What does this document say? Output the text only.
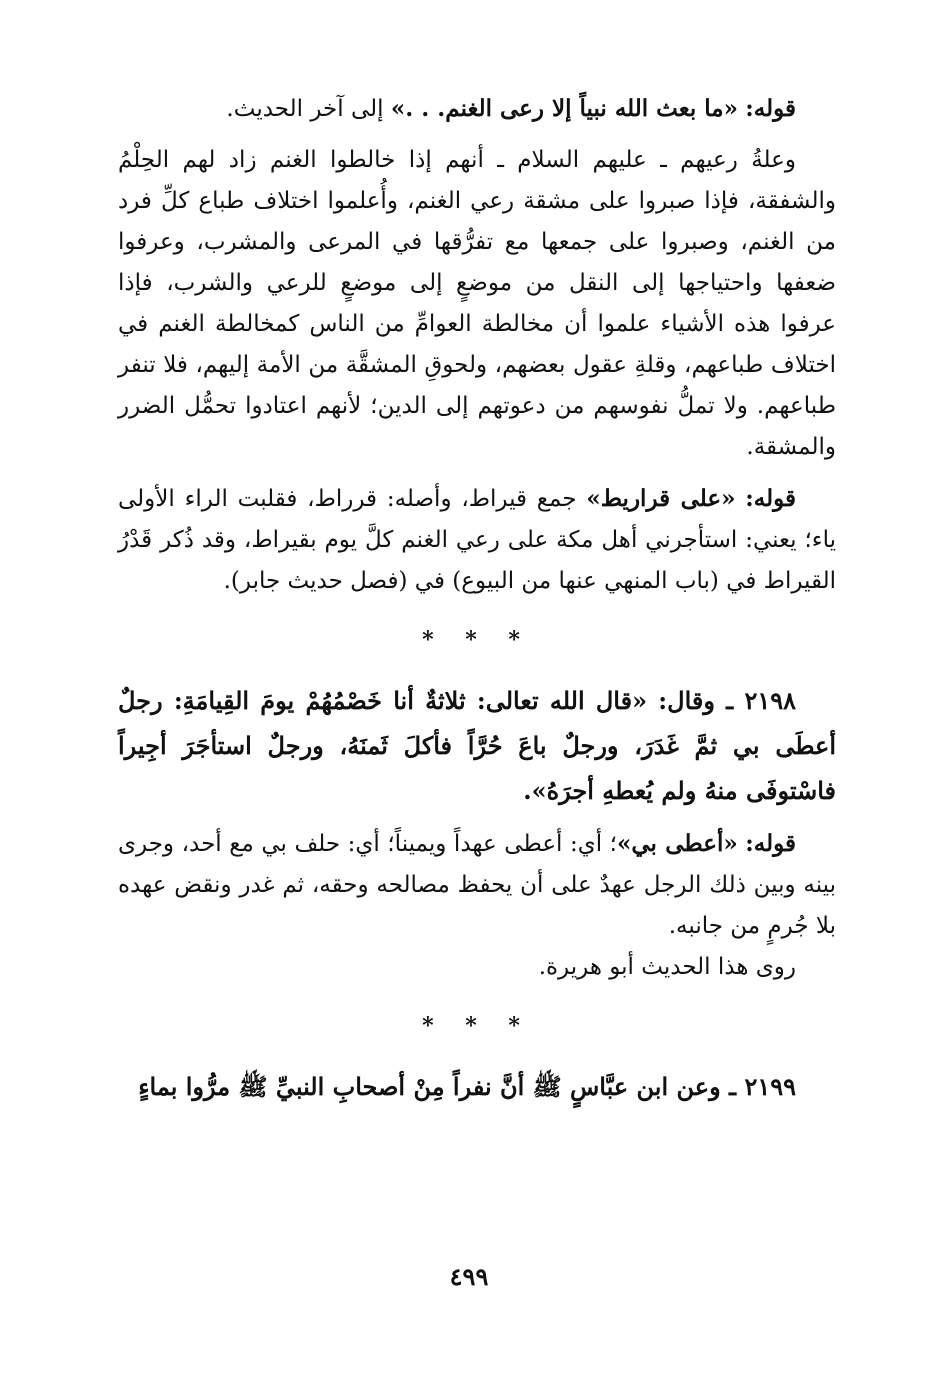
قوله: «ما بعث الله نبياً إلا رعى الغنم. . .» إلى آخر الحديث.

وعلةُ رعيهم ـ عليهم السلام ـ أنهم إذا خالطوا الغنم زاد لهم الحِلْمُ والشفقة، فإذا صبروا على مشقة رعي الغنم، وأُعلموا اختلاف طباع كلِّ فرد من الغنم، وصبروا على جمعها مع تفرُّقها في المرعى والمشرب، وعرفوا ضعفها واحتياجها إلى النقل من موضعٍ إلى موضعٍ للرعي والشرب، فإذا عرفوا هذه الأشياء علموا أن مخالطة العوامِّ من الناس كمخالطة الغنم في اختلاف طباعهم، وقلةِ عقول بعضهم، ولحوقِ المشقَّة من الأمة إليهم، فلا تنفر طباعهم. ولا تملُّ نفوسهم من دعوتهم إلى الدين؛ لأنهم اعتادوا تحمُّل الضرر والمشقة.

قوله: «على قراريط» جمع قيراط، وأصله: قرراط، فقلبت الراء الأولى ياء؛ يعني: استأجرني أهل مكة على رعي الغنم كلَّ يوم بقيراط، وقد ذُكر قَدْرُ القيراط في (باب المنهي عنها من البيوع) في (فصل حديث جابر).

* * *

٢١٩٨ ـ وقال: «قال الله تعالى: ثلاثةٌ أنا خَصْمُهُمْ يومَ القِيامَةِ: رجلٌ أعطَى بي ثمَّ غَدَرَ، ورجلٌ باعَ حُرَّاً فأكلَ ثَمنَهُ، ورجلٌ استأجَرَ أجِيراً فاسْتوفَى منهُ ولم يُعطهِ أجرَهُ».

قوله: «أعطى بي»؛ أي: أعطى عهداً ويميناً؛ أي: حلف بي مع أحد، وجرى بينه وبين ذلك الرجل عهدٌ على أن يحفظ مصالحه وحقه، ثم غدر ونقض عهده بلا جُرمٍ من جانبه.

روى هذا الحديث أبو هريرة.

* * *

٢١٩٩ ـ وعن ابن عبَّاسٍ ﷺ أنَّ نفراً مِنْ أصحابِ النبيِّ ﷺ مرُّوا بماءٍ

٤٩٩
